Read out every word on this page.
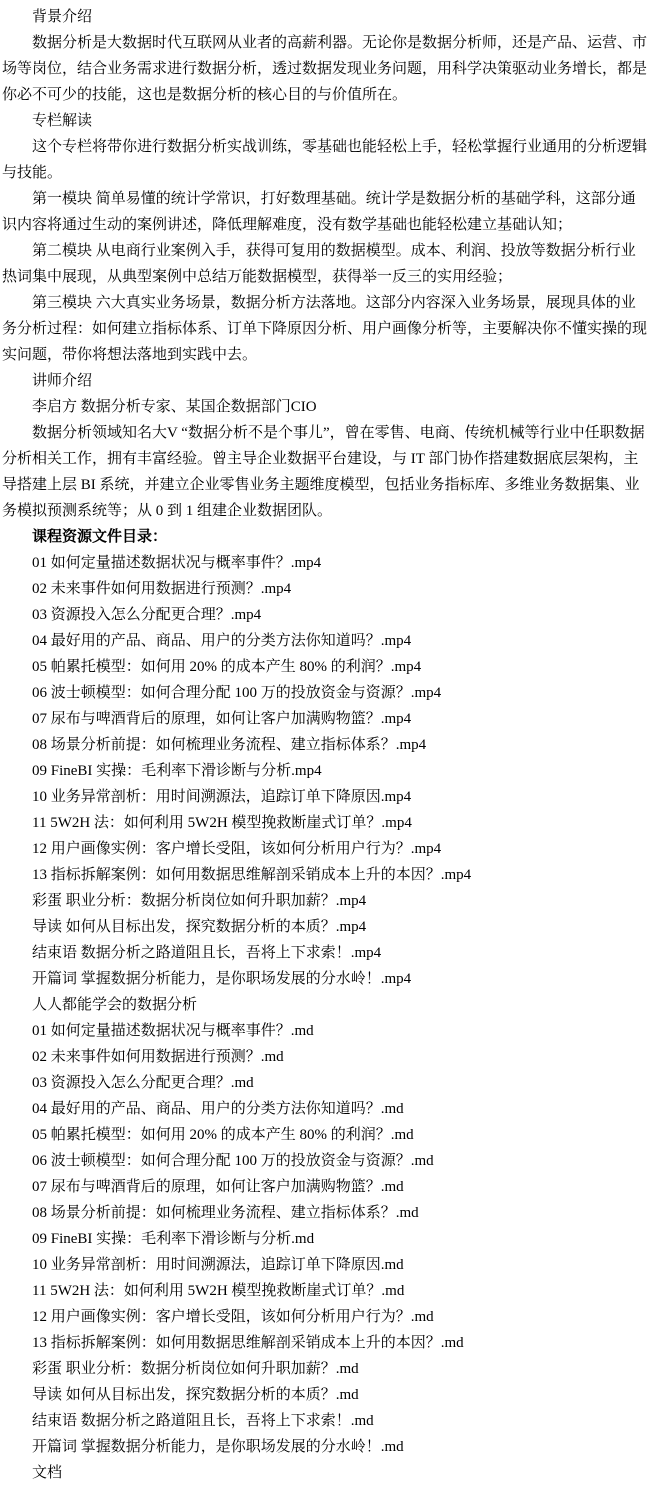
背景介绍

数据分析是大数据时代互联网从业者的高薪利器。无论你是数据分析师，还是产品、运营、市场等岗位，结合业务需求进行数据分析，透过数据发现业务问题，用科学决策驱动业务增长，都是你必不可少的技能，这也是数据分析的核心目的与价值所在。

专栏解读

这个专栏将带你进行数据分析实战训练，零基础也能轻松上手，轻松掌握行业通用的分析逻辑与技能。

第一模块 简单易懂的统计学常识，打好数理基础。统计学是数据分析的基础学科，这部分通识内容将通过生动的案例讲述，降低理解难度，没有数学基础也能轻松建立基础认知；

第二模块 从电商行业案例入手，获得可复用的数据模型。成本、利润、投放等数据分析行业热词集中展现，从典型案例中总结万能数据模型，获得举一反三的实用经验；

第三模块 六大真实业务场景，数据分析方法落地。这部分内容深入业务场景，展现具体的业务分析过程：如何建立指标体系、订单下降原因分析、用户画像分析等，主要解决你不懂实操的现实问题，带你将想法落地到实践中去。

讲师介绍

李启方 数据分析专家、某国企数据部门CIO

数据分析领域知名大V “数据分析不是个事儿”，曾在零售、电商、传统机械等行业中任职数据分析相关工作，拥有丰富经验。曾主导企业数据平台建设，与 IT 部门协作搭建数据底层架构，主导搭建上层 BI 系统，并建立企业零售业务主题维度模型，包括业务指标库、多维业务数据集、业务模拟预测系统等；从 0 到 1 组建企业数据团队。

课程资源文件目录：

01 如何定量描述数据状况与概率事件？.mp4

02 未来事件如何用数据进行预测？.mp4

03 资源投入怎么分配更合理？.mp4

04 最好用的产品、商品、用户的分类方法你知道吗？.mp4

05 帕累托模型：如何用 20% 的成本产生 80% 的利润？.mp4

06 波士顿模型：如何合理分配 100 万的投放资金与资源？.mp4

07 尿布与啤酒背后的原理，如何让客户加满购物篮？.mp4

08 场景分析前提：如何梳理业务流程、建立指标体系？.mp4

09 FineBI 实操：毛利率下滑诊断与分析.mp4

10 业务异常剖析：用时间溯源法，追踪订单下降原因.mp4

11 5W2H 法：如何利用 5W2H 模型挽救断崖式订单？.mp4

12 用户画像实例：客户增长受阻，该如何分析用户行为？.mp4

13 指标拆解案例：如何用数据思维解剖采销成本上升的本因？.mp4

彩蛋 职业分析：数据分析岗位如何升职加薪？.mp4

导读 如何从目标出发，探究数据分析的本质？.mp4

结束语 数据分析之路道阻且长，吾将上下求索！.mp4

开篇词 掌握数据分析能力，是你职场发展的分水岭！.mp4

人人都能学会的数据分析

01 如何定量描述数据状况与概率事件？.md

02 未来事件如何用数据进行预测？.md

03 资源投入怎么分配更合理？.md

04 最好用的产品、商品、用户的分类方法你知道吗？.md

05 帕累托模型：如何用 20% 的成本产生 80% 的利润？.md

06 波士顿模型：如何合理分配 100 万的投放资金与资源？.md

07 尿布与啤酒背后的原理，如何让客户加满购物篮？.md

08 场景分析前提：如何梳理业务流程、建立指标体系？.md

09 FineBI 实操：毛利率下滑诊断与分析.md

10 业务异常剖析：用时间溯源法，追踪订单下降原因.md

11 5W2H 法：如何利用 5W2H 模型挽救断崖式订单？.md

12 用户画像实例：客户增长受阻，该如何分析用户行为？.md

13 指标拆解案例：如何用数据思维解剖采销成本上升的本因？.md

彩蛋 职业分析：数据分析岗位如何升职加薪？.md

导读 如何从目标出发，探究数据分析的本质？.md

结束语 数据分析之路道阻且长，吾将上下求索！.md

开篇词 掌握数据分析能力，是你职场发展的分水岭！.md

文档
